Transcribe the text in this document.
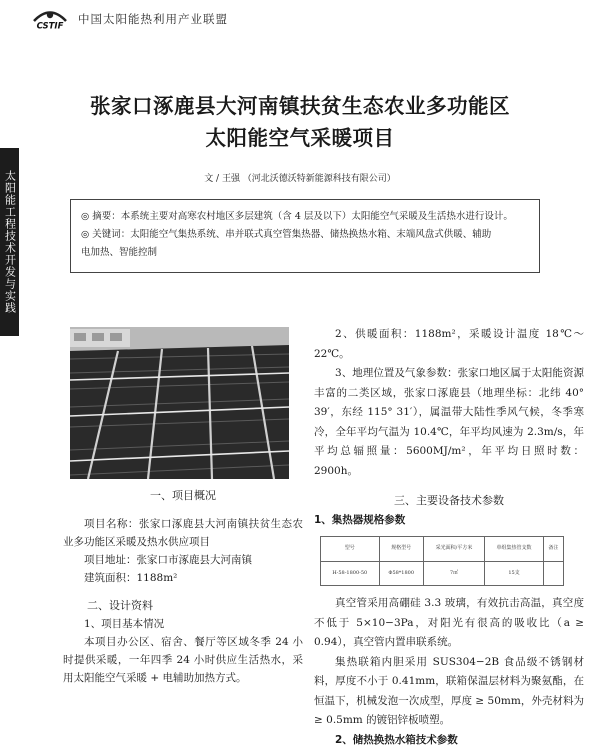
CSTIF
中国太阳能热利用产业联盟
太阳能工程技术开发与实践
张家口涿鹿县大河南镇扶贫生态农业多功能区
太阳能空气采暖项目
文 / 王强 （河北沃德沃特新能源科技有限公司）
◎ 摘要：本系统主要对高寒农村地区多层建筑（含 4 层及以下）太阳能空气采暖及生活热水进行设计。
◎ 关键词：太阳能空气集热系统、串并联式真空管集热器、储热换热水箱、末端风盘式供暖、辅助
电加热、智能控制
一、项目概况

项目名称：张家口涿鹿县大河南镇扶贫生态农业多功能区采暖及热水供应项目

项目地址：张家口市涿鹿县大河南镇

建筑面积：1188m²

二、设计资料

1、项目基本情况

本项目办公区、宿舍、餐厅等区域冬季 24 小时提供采暖，一年四季 24 小时供应生活热水，采用太阳能空气采暖 + 电辅助加热方式。

2、供暖面积：1188m²，采暖设计温度 18℃～22℃。

3、地理位置及气象参数：张家口地区属于太阳能资源丰富的二类区域，张家口涿鹿县（地理坐标：北纬 40° 39′，东经 115° 31′），属温带大陆性季风气候，冬季寒冷，全年平均气温为 10.4℃，年平均风速为 2.3m/s，年平均总辐照量：5600MJ/m²，年平均日照时数：2900h。

三、主要设备技术参数
1、集热器规格参数
型号	规格型号	采光面积/平方米	单组集热管支数	备注
H-58-1800-50	Φ58*1800	7㎡	15支	

真空管采用高硼硅 3.3 玻璃，有效抗击高温，真空度不低于 5×10−3Pa，对阳光有很高的吸收比（a ≥ 0.94），真空管内置串联系统。

集热联箱内胆采用 SUS304−2B 食品级不锈钢材料，厚度不小于 0.41mm，联箱保温层材料为聚氨酯，在恒温下，机械发泡一次成型，厚度 ≥ 50mm，外壳材料为 ≥ 0.5mm 的镀铝锌板喷塑。

2、储热换热水箱技术参数
